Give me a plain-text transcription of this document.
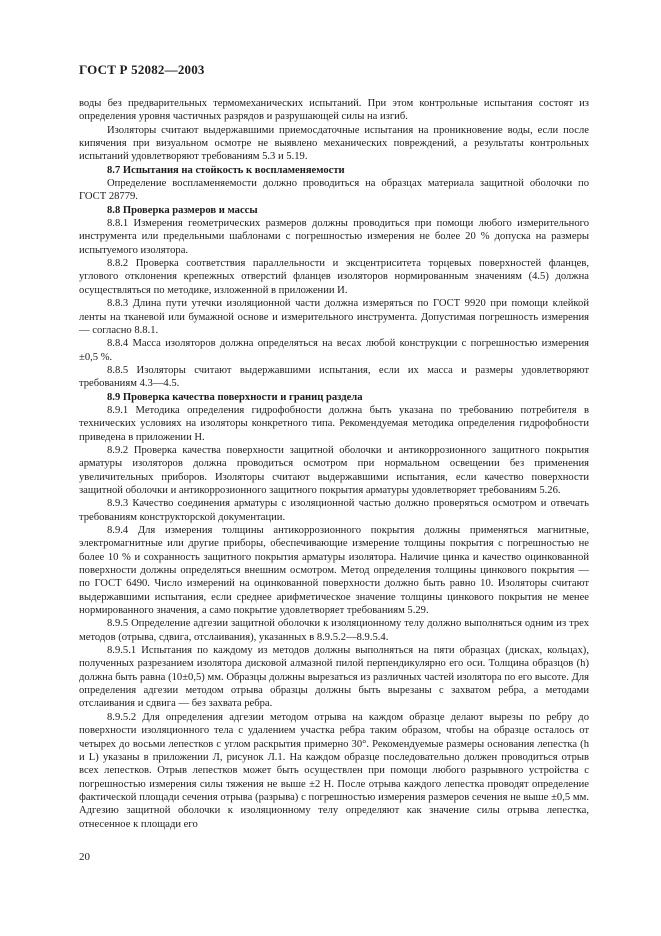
ГОСТ Р 52082—2003

воды без предварительных термомеханических испытаний. При этом контрольные испытания состоят из определения уровня частичных разрядов и разрушающей силы на изгиб.

Изоляторы считают выдержавшими приемосдаточные испытания на проникновение воды, если после кипячения при визуальном осмотре не выявлено механических повреждений, а результаты контрольных испытаний удовлетворяют требованиям 5.3 и 5.19.

8.7 Испытания на стойкость к воспламеняемости

Определение воспламеняемости должно проводиться на образцах материала защитной оболочки по ГОСТ 28779.

8.8 Проверка размеров и массы

8.8.1 Измерения геометрических размеров должны проводиться при помощи любого измерительного инструмента или предельными шаблонами с погрешностью измерения не более 20 % допуска на размеры испытуемого изолятора.

8.8.2 Проверка соответствия параллельности и эксцентриситета торцевых поверхностей фланцев, углового отклонения крепежных отверстий фланцев изоляторов нормированным значениям (4.5) должна осуществляться по методике, изложенной в приложении И.

8.8.3 Длина пути утечки изоляционной части должна измеряться по ГОСТ 9920 при помощи клейкой ленты на тканевой или бумажной основе и измерительного инструмента. Допустимая погрешность измерения — согласно 8.8.1.

8.8.4 Масса изоляторов должна определяться на весах любой конструкции с погрешностью измерения ±0,5 %.

8.8.5 Изоляторы считают выдержавшими испытания, если их масса и размеры удовлетворяют требованиям 4.3—4.5.

8.9 Проверка качества поверхности и границ раздела

8.9.1 Методика определения гидрофобности должна быть указана по требованию потребителя в технических условиях на изоляторы конкретного типа. Рекомендуемая методика определения гидрофобности приведена в приложении Н.

8.9.2 Проверка качества поверхности защитной оболочки и антикоррозионного защитного покрытия арматуры изоляторов должна проводиться осмотром при нормальном освещении без применения увеличительных приборов. Изоляторы считают выдержавшими испытания, если качество поверхности защитной оболочки и антикоррозионного защитного покрытия арматуры удовлетворяет требованиям 5.26.

8.9.3 Качество соединения арматуры с изоляционной частью должно проверяться осмотром и отвечать требованиям конструкторской документации.

8.9.4 Для измерения толщины антикоррозионного покрытия должны применяться магнитные, электромагнитные или другие приборы, обеспечивающие измерение толщины покрытия с погрешностью не более 10 % и сохранность защитного покрытия арматуры изолятора. Наличие цинка и качество оцинкованной поверхности должны определяться внешним осмотром. Метод определения толщины цинкового покрытия — по ГОСТ 6490. Число измерений на оцинкованной поверхности должно быть равно 10. Изоляторы считают выдержавшими испытания, если среднее арифметическое значение толщины цинкового покрытия не менее нормированного значения, а само покрытие удовлетворяет требованиям 5.29.

8.9.5 Определение адгезии защитной оболочки к изоляционному телу должно выполняться одним из трех методов (отрыва, сдвига, отслаивания), указанных в 8.9.5.2—8.9.5.4.

8.9.5.1 Испытания по каждому из методов должны выполняться на пяти образцах (дисках, кольцах), полученных разрезанием изолятора дисковой алмазной пилой перпендикулярно его оси. Толщина образцов (h) должна быть равна (10±0,5) мм. Образцы должны вырезаться из различных частей изолятора по его высоте. Для определения адгезии методом отрыва образцы должны быть вырезаны с захватом ребра, а методами отслаивания и сдвига — без захвата ребра.

8.9.5.2 Для определения адгезии методом отрыва на каждом образце делают вырезы по ребру до поверхности изоляционного тела с удалением участка ребра таким образом, чтобы на образце осталось от четырех до восьми лепестков с углом раскрытия примерно 30°. Рекомендуемые размеры основания лепестка (h и L) указаны в приложении Л, рисунок Л.1. На каждом образце последовательно должен проводиться отрыв всех лепестков. Отрыв лепестков может быть осуществлен при помощи любого разрывного устройства с погрешностью измерения силы тяжения не выше ±2 Н. После отрыва каждого лепестка проводят определение фактической площади сечения отрыва (разрыва) с погрешностью измерения размеров сечения не выше ±0,5 мм. Адгезию защитной оболочки к изоляционному телу определяют как значение силы отрыва лепестка, отнесенное к площади его

20
